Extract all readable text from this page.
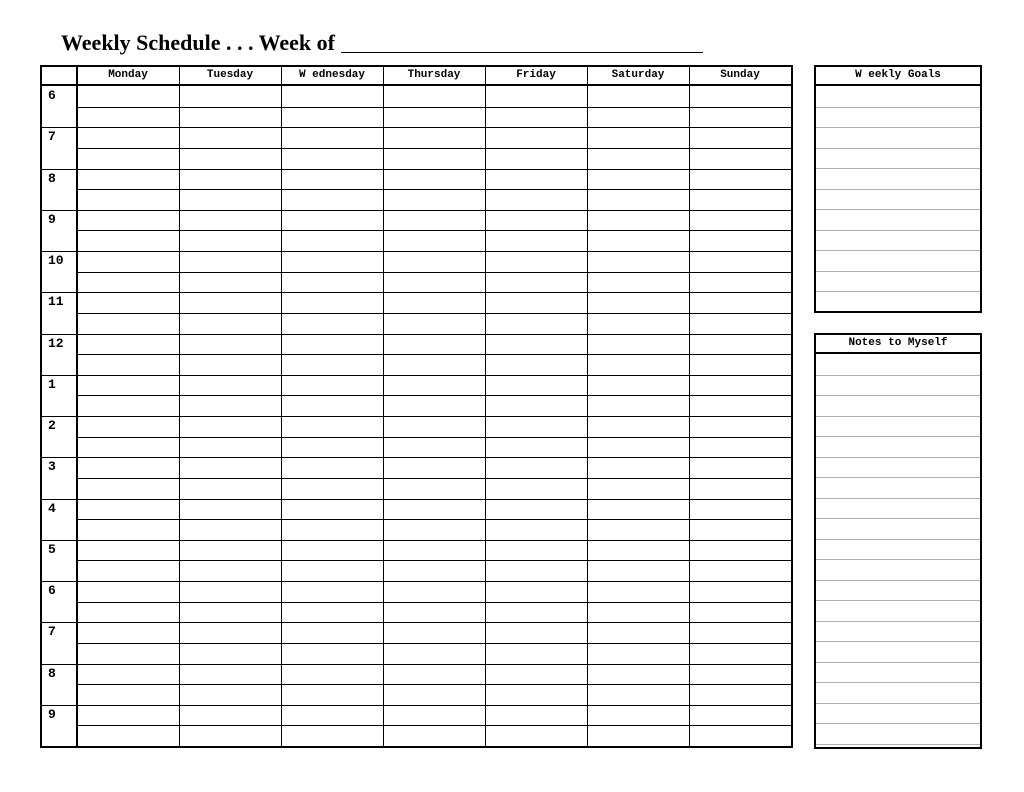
Weekly Schedule . . . Week of
Monday	Tuesday	W ednesday	Thursday	Friday	Saturday	Sunday
6
7
8
9
10
11
12
1
2
3
4
5
6
7
8
9
W eekly Goals
Notes to Myself
